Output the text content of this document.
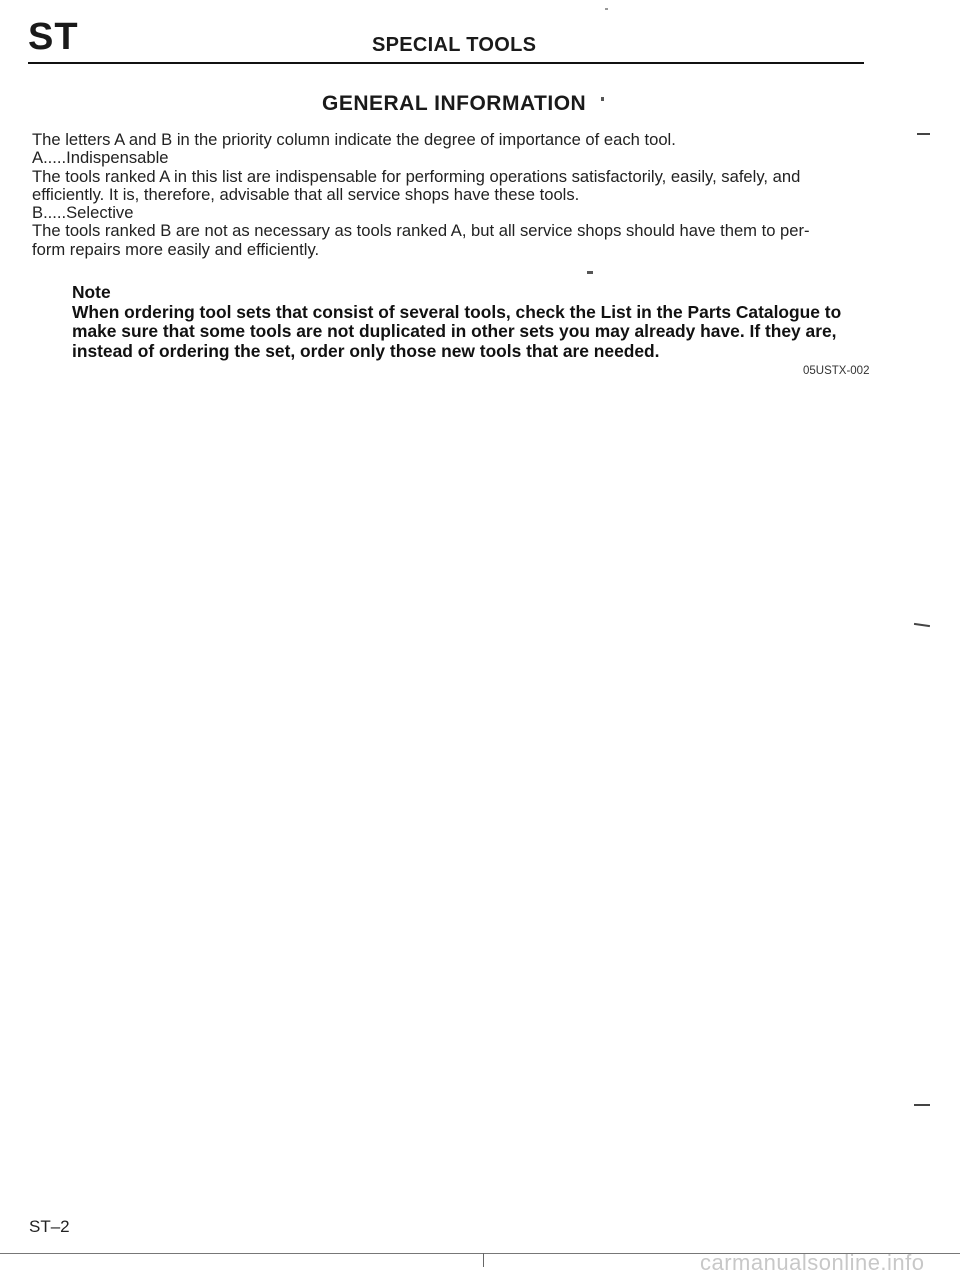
ST	SPECIAL TOOLS
GENERAL INFORMATION

The letters A and B in the priority column indicate the degree of importance of each tool.

A.....Indispensable

The tools ranked A in this list are indispensable for performing operations satisfactorily, easily, safely, and

efficiently. It is, therefore, advisable that all service shops have these tools.

B.....Selective

The tools ranked B are not as necessary as tools ranked A, but all service shops should have them to per-

form repairs more easily and efficiently.

Note

When ordering tool sets that consist of several tools, check the List in the Parts Catalogue to

make sure that some tools are not duplicated in other sets you may already have. If they are,

instead of ordering the set, order only those new tools that are needed.

05USTX-002
ST–2
carmanualsonline.info
